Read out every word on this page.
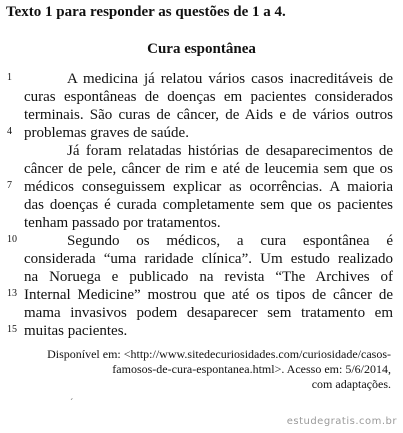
Texto 1 para responder as questões de 1 a 4.
Cura espontânea
1
4
7
10
13
15
A medicina já relatou vários casos inacreditáveis de
curas espontâneas de doenças em pacientes considerados
terminais. São curas de câncer, de Aids e de vários outros
problemas graves de saúde.
Já foram relatadas histórias de desaparecimentos de
câncer de pele, câncer de rim e até de leucemia sem que os
médicos conseguissem explicar as ocorrências. A maioria
das doenças é curada completamente sem que os pacientes
tenham passado por tratamentos.
Segundo os médicos, a cura espontânea é
considerada “uma raridade clínica”. Um estudo realizado
na Noruega e publicado na revista “The Archives of
Internal Medicine” mostrou que até os tipos de câncer de
mama invasivos podem desaparecer sem tratamento em
muitas pacientes.
Disponível em: <http://www.sitedecuriosidades.com/curiosidade/casos-
famosos-de-cura-espontanea.html>. Acesso em: 5/6/2014,
com adaptações.
´
estudegratis.com.br
